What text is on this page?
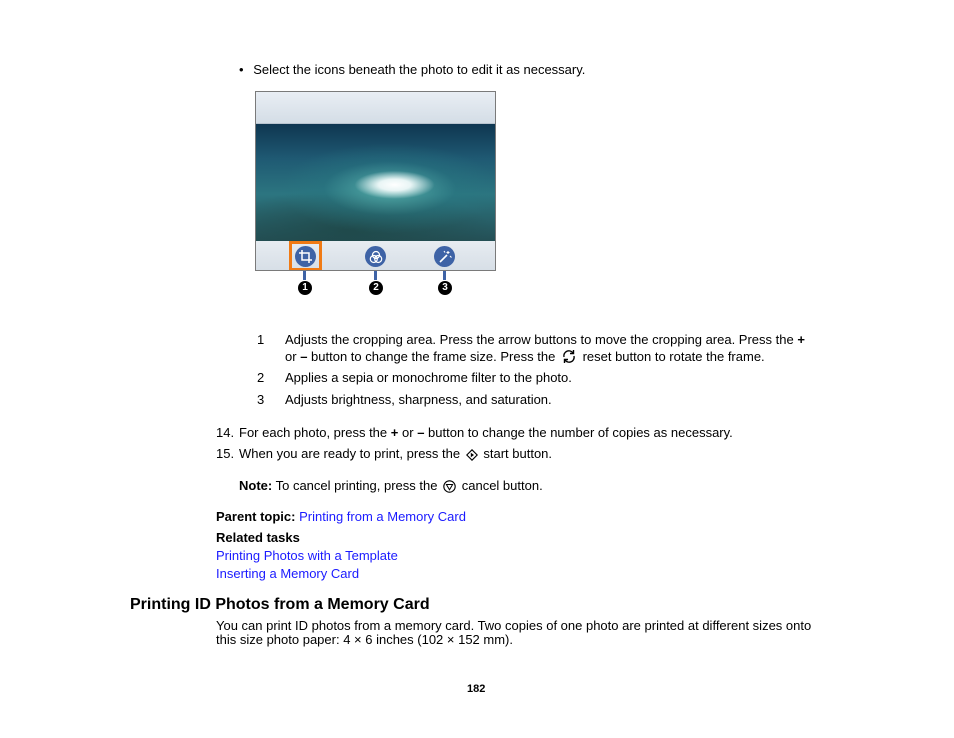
• Select the icons beneath the photo to edit it as necessary.
1	2	3
1 Adjusts the cropping area. Press the arrow buttons to move the cropping area. Press the +
or – button to change the frame size. Press the reset button to rotate the frame.
2 Applies a sepia or monochrome filter to the photo.
3 Adjusts brightness, sharpness, and saturation.
14. For each photo, press the + or – button to change the number of copies as necessary.
15. When you are ready to print, press the start button.
Note: To cancel printing, press the cancel button.
Parent topic: Printing from a Memory Card
Related tasks
Printing Photos with a Template
Inserting a Memory Card
Printing ID Photos from a Memory Card
You can print ID photos from a memory card. Two copies of one photo are printed at different sizes onto
this size photo paper: 4 × 6 inches (102 × 152 mm).
182
